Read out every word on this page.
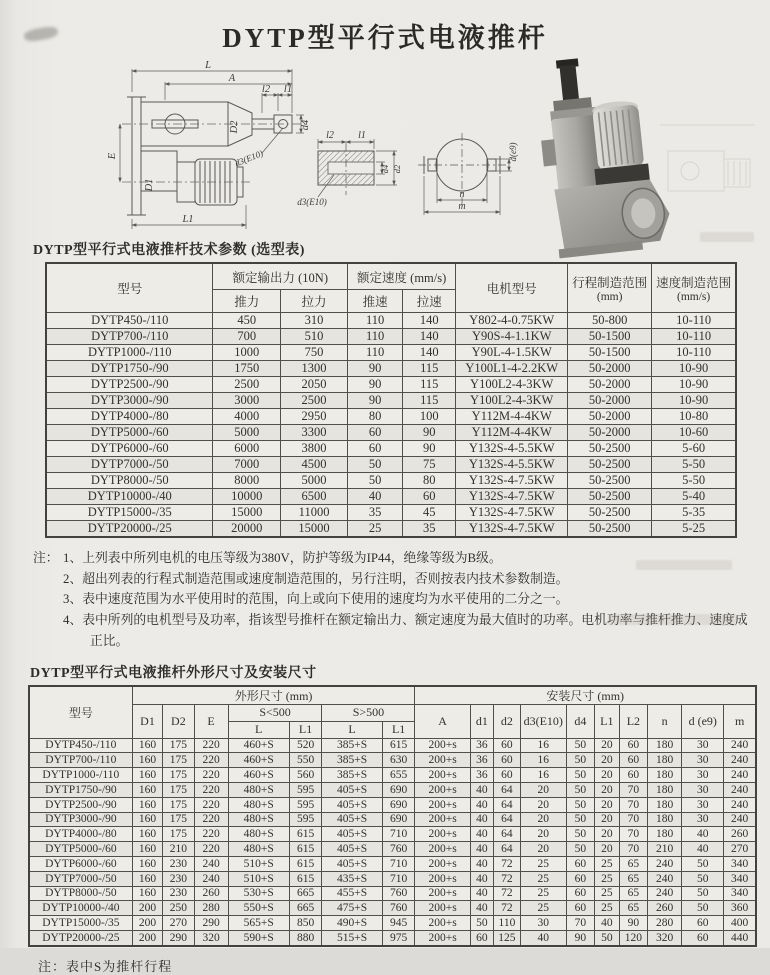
DYTP型平行式电液推杆
L
A
l2 l1
D2	d4
d3(E10)
E
D1
L1
l2 l1
d4 d2
d3(E10)
d(e9)
n
m
DYTP型平行式电液推杆技术参数 (选型表)
型号	额定输出力 (10N)	额定速度 (mm/s)	电机型号	行程制造范围
(mm)

速度制造范围
(mm/s)

	推力	拉力	推速	拉速			
DYTP450-/110	450	310	110	140	Y802-4-0.75KW	50-800	10-110
DYTP700-/110	700	510	110	140	Y90S-4-1.1KW	50-1500	10-110
DYTP1000-/110	1000	750	110	140	Y90L-4-1.5KW	50-1500	10-110
DYTP1750-/90	1750	1300	90	115	Y100L1-4-2.2KW	50-2000	10-90
DYTP2500-/90	2500	2050	90	115	Y100L2-4-3KW	50-2000	10-90
DYTP3000-/90	3000	2500	90	115	Y100L2-4-3KW	50-2000	10-90
DYTP4000-/80	4000	2950	80	100	Y112M-4-4KW	50-2000	10-80
DYTP5000-/60	5000	3300	60	90	Y112M-4-4KW	50-2000	10-60
DYTP6000-/60	6000	3800	60	90	Y132S-4-5.5KW	50-2500	5-60
DYTP7000-/50	7000	4500	50	75	Y132S-4-5.5KW	50-2500	5-50
DYTP8000-/50	8000	5000	50	80	Y132S-4-7.5KW	50-2500	5-50
DYTP10000-/40	10000	6500	40	60	Y132S-4-7.5KW	50-2500	5-40
DYTP15000-/35	15000	11000	35	45	Y132S-4-7.5KW	50-2500	5-35
DYTP20000-/25	20000	15000	25	35	Y132S-4-7.5KW	50-2500	5-25
注： 1、上列表中所列电机的电压等级为380V，防护等级为IP44，绝缘等级为B级。
2、超出列表的行程式制造范围或速度制造范围的，另行注明，否则按表内技术参数制造。
3、表中速度范围为水平使用时的范围，向上或向下使用的速度均为水平使用的二分之一。
4、表中所列的电机型号及功率，指该型号推杆在额定输出力、额定速度为最大值时的功率。电机功率与推杆推力、速度成正比。
DYTP型平行式电液推杆外形尺寸及安装尺寸
型号	外形尺寸 (mm)							安装尺寸 (mm)									
	D1	D2	E	S<500		S>500		A	d1	d2	d3(E10)	d4	L1	L2	n	d (e9)	m
				L	L1	L	L1										
DYTP450-/110	160	175	220	460+S	520	385+S	615	200+s	36	60	16	50	20	60	180	30	240
DYTP700-/110	160	175	220	460+S	550	385+S	630	200+s	36	60	16	50	20	60	180	30	240
DYTP1000-/110	160	175	220	460+S	560	385+S	655	200+s	36	60	16	50	20	60	180	30	240
DYTP1750-/90	160	175	220	480+S	595	405+S	690	200+s	40	64	20	50	20	70	180	30	240
DYTP2500-/90	160	175	220	480+S	595	405+S	690	200+s	40	64	20	50	20	70	180	30	240
DYTP3000-/90	160	175	220	480+S	595	405+S	690	200+s	40	64	20	50	20	70	180	30	240
DYTP4000-/80	160	175	220	480+S	615	405+S	710	200+s	40	64	20	50	20	70	180	40	260
DYTP5000-/60	160	210	220	480+S	615	405+S	760	200+s	40	64	20	50	20	70	210	40	270
DYTP6000-/60	160	230	240	510+S	615	405+S	710	200+s	40	72	25	60	25	65	240	50	340
DYTP7000-/50	160	230	240	510+S	615	435+S	710	200+s	40	72	25	60	25	65	240	50	340
DYTP8000-/50	160	230	260	530+S	665	455+S	760	200+s	40	72	25	60	25	65	240	50	340
DYTP10000-/40	200	250	280	550+S	665	475+S	760	200+s	40	72	25	60	25	65	260	50	360
DYTP15000-/35	200	270	290	565+S	850	490+S	945	200+s	50	110	30	70	40	90	280	60	400
DYTP20000-/25	200	290	320	590+S	880	515+S	975	200+s	60	125	40	90	50	120	320	60	440
注：表中S为推杆行程
